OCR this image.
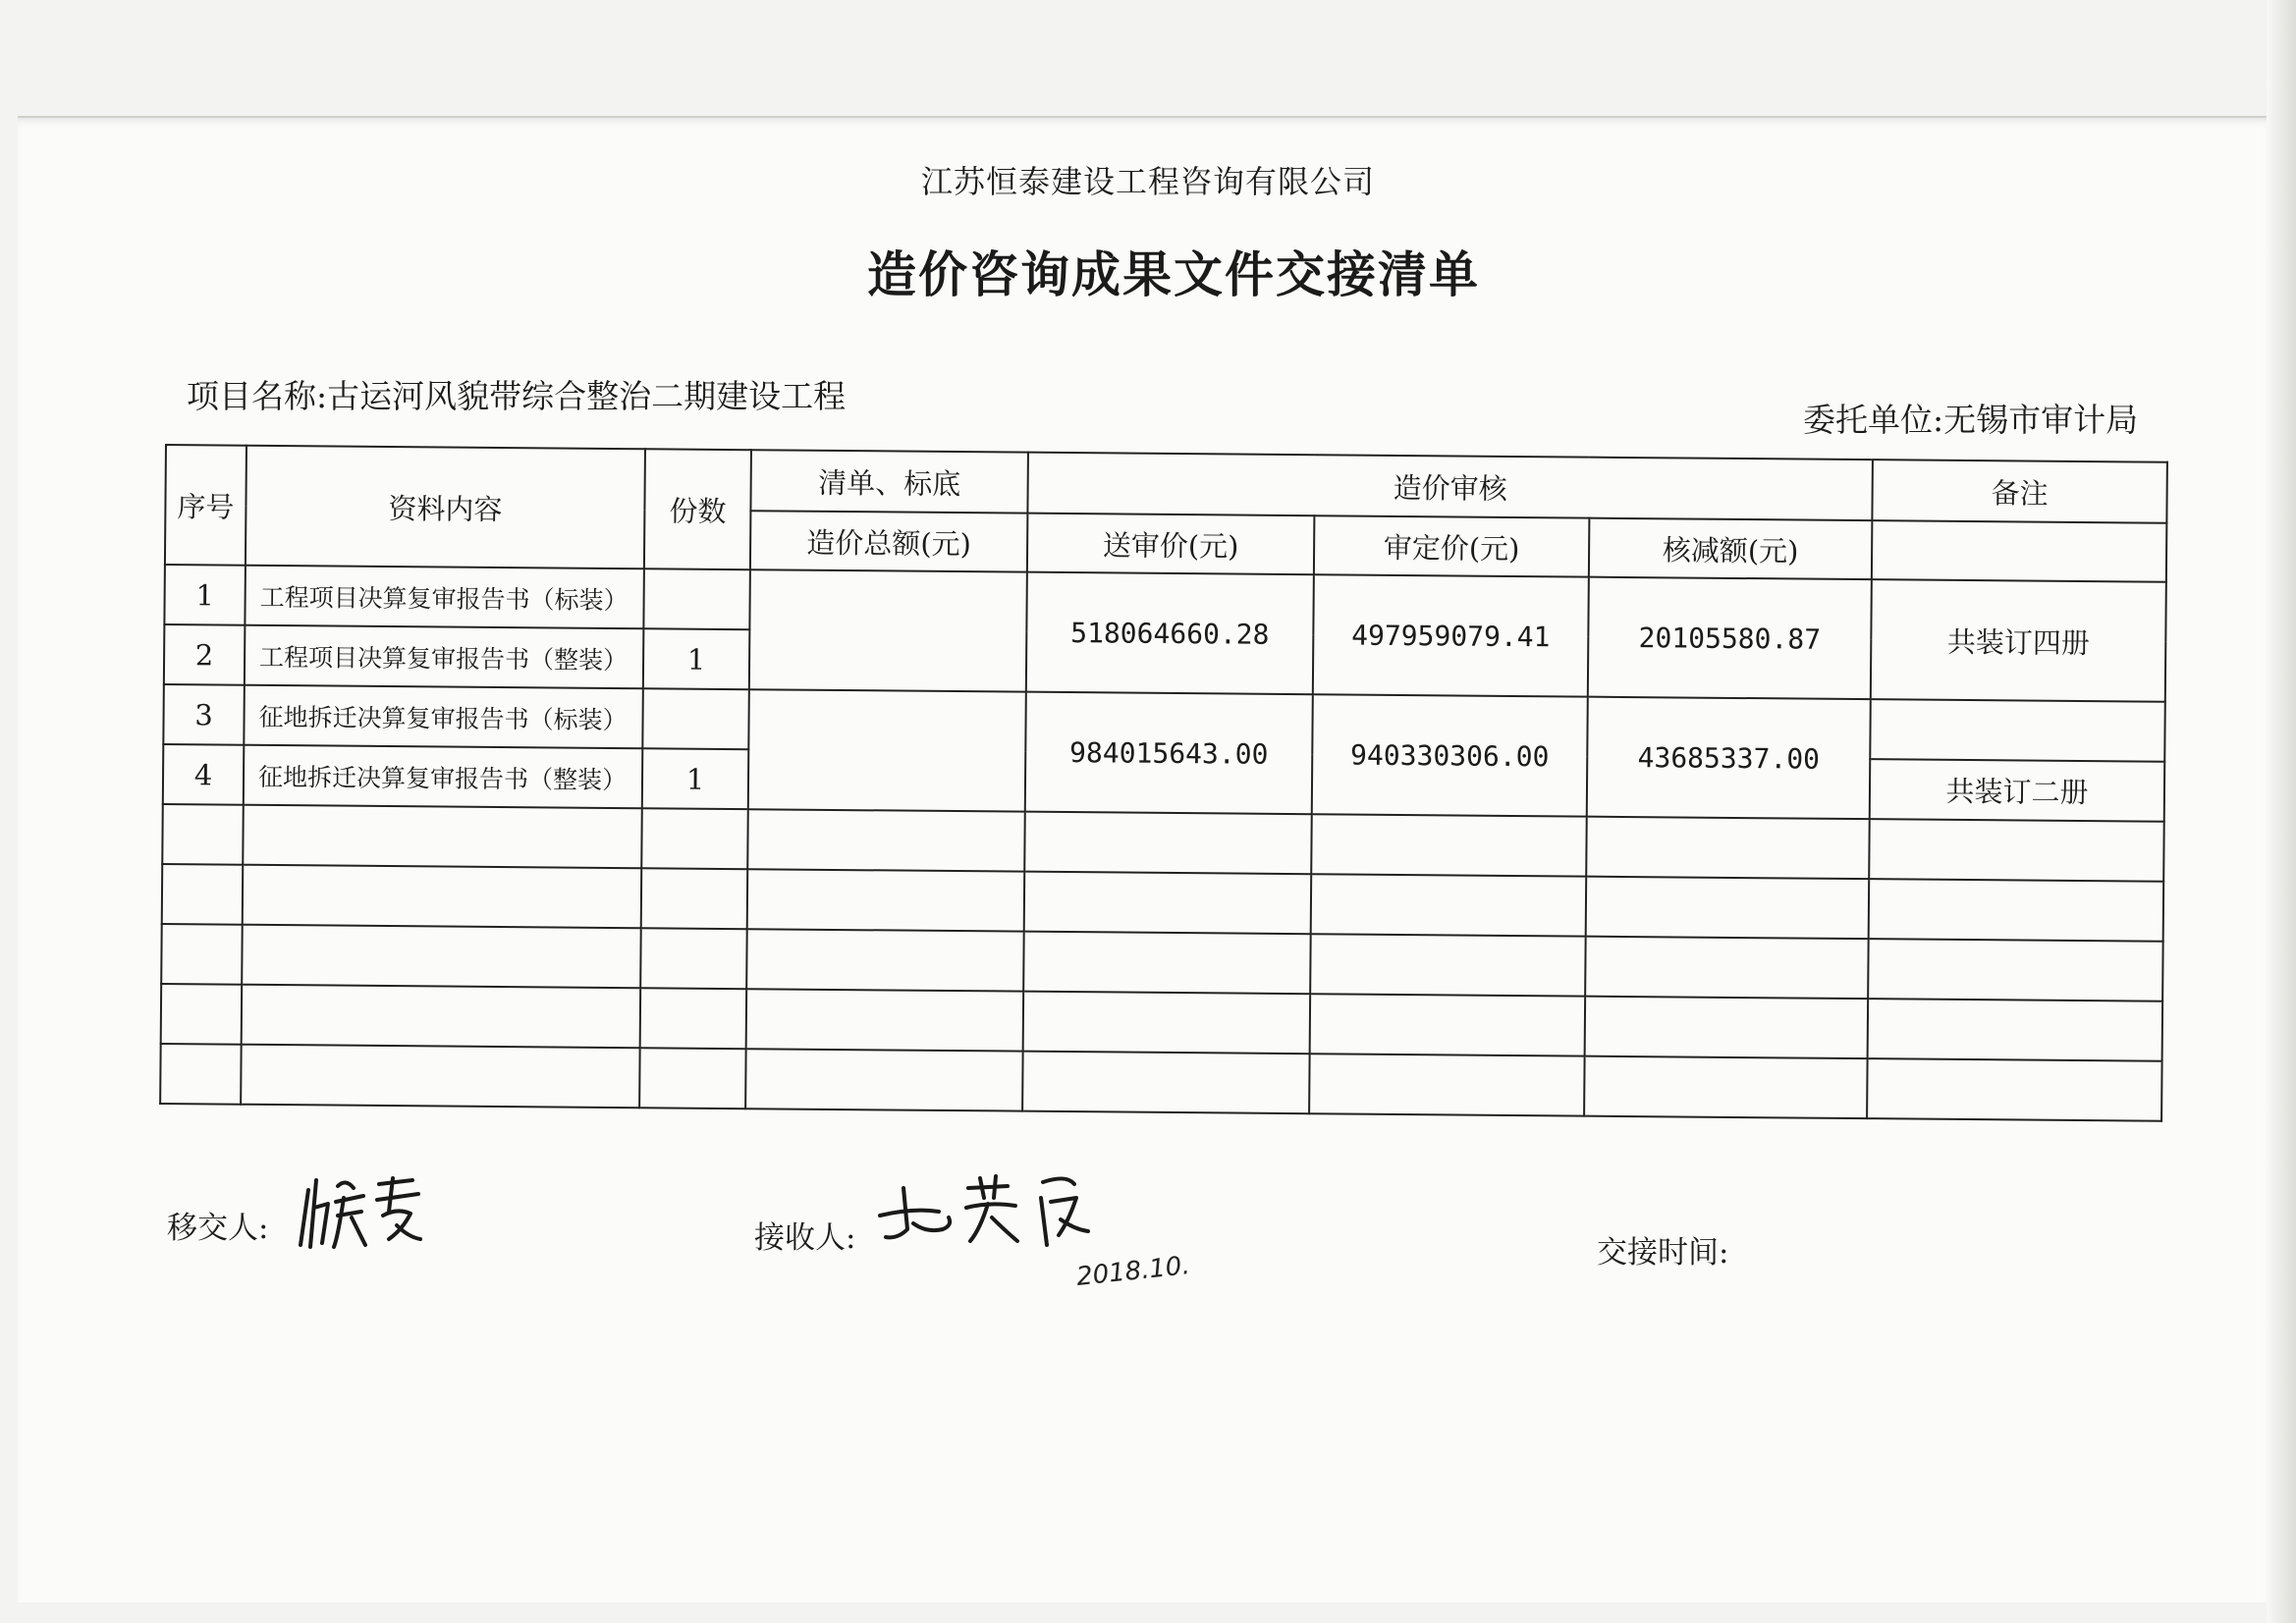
江苏恒泰建设工程咨询有限公司
造价咨询成果文件交接清单
项目名称:古运河风貌带综合整治二期建设工程
委托单位:无锡市审计局
序号	资料内容	份数	清单、标底	造价审核			备注
			造价总额(元)	送审价(元)	审定价(元)	核减额(元)	
1	工程项目决算复审报告书（标装）			518064660.28	497959079.41	20105580.87	共装订四册
2	工程项目决算复审报告书（整装）	1					
3	征地拆迁决算复审报告书（标装）			984015643.00	940330306.00	43685337.00	
4	征地拆迁决算复审报告书（整装）	1					共装订二册

移交人:	接收人:
2018.10.	交接时间:
